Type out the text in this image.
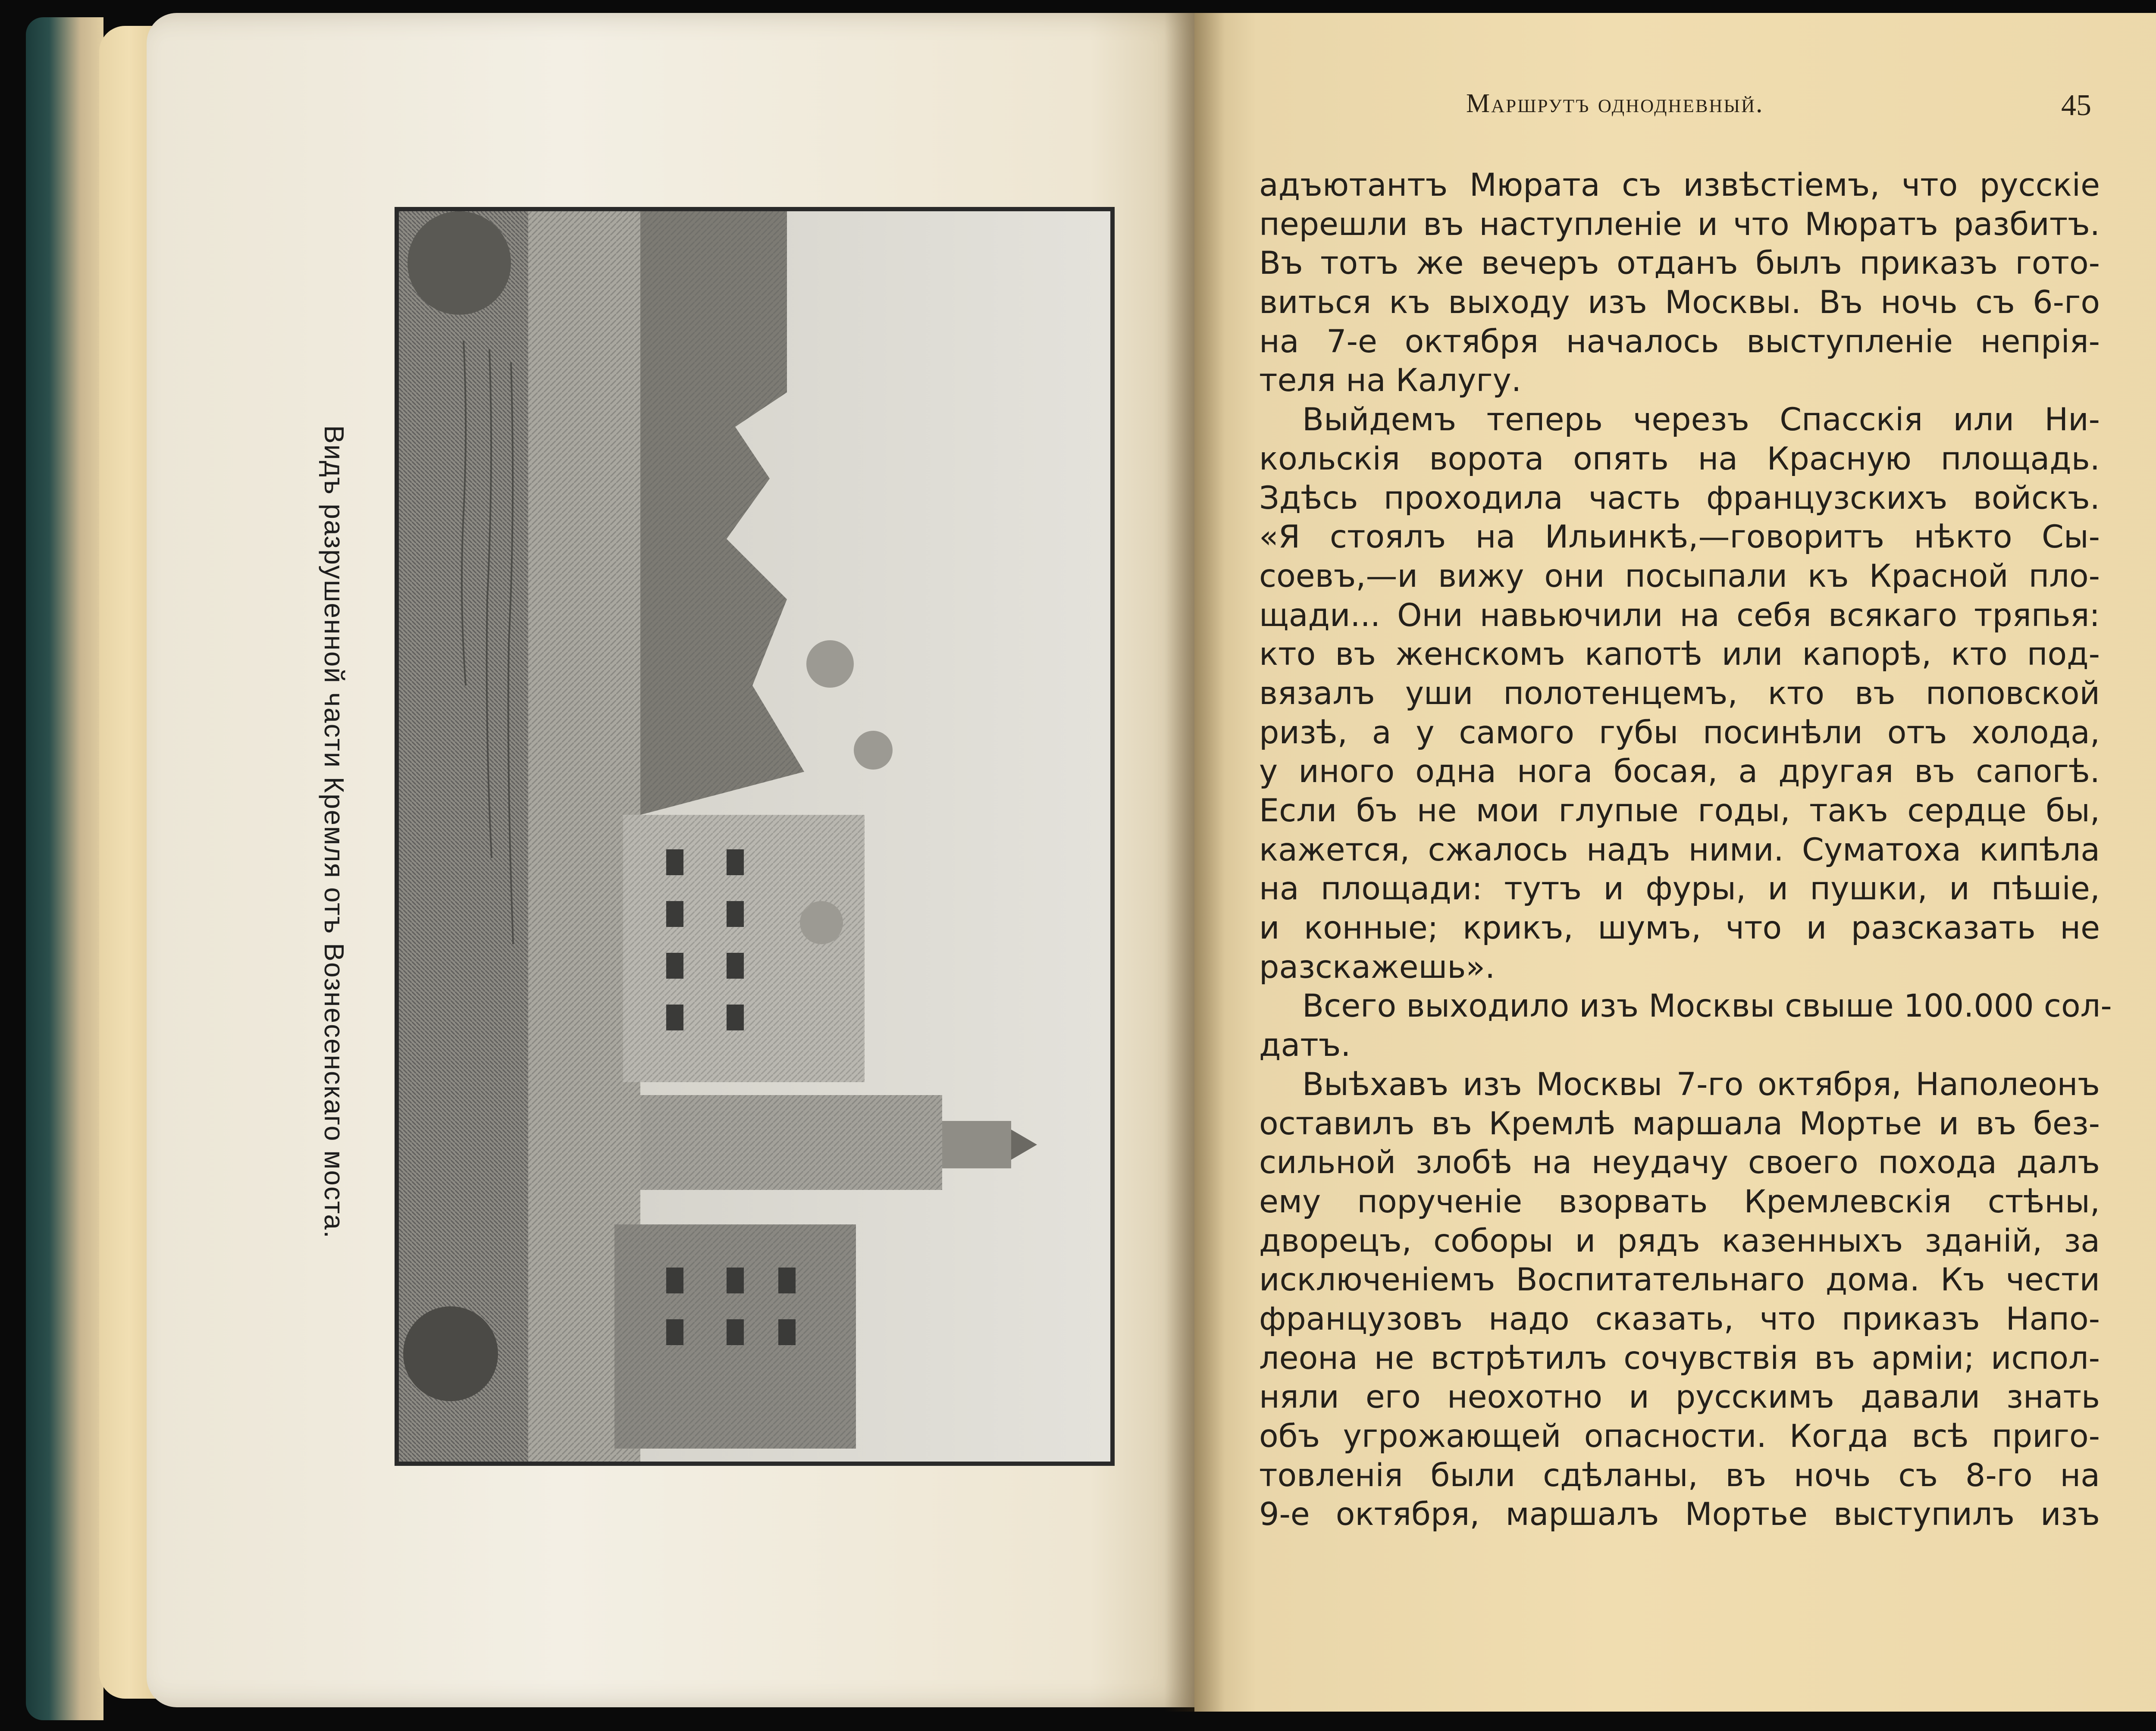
Видъ разрушенной части Кремля отъ Вознесенскаго моста.
Маршрутъ однодневный.	45
адъютантъ Мюрата съ извѣстіемъ, что русскіе
перешли въ наступленіе и что Мюратъ разбитъ.
Въ тотъ же вечеръ отданъ былъ приказъ гото-
виться къ выходу изъ Москвы. Въ ночь съ 6-го
на 7-е октября началось выступленіе непрія-
теля на Калугу.
Выйдемъ теперь черезъ Спасскія или Ни-
кольскія ворота опять на Красную площадь.
Здѣсь проходила часть французскихъ войскъ.
«Я стоялъ на Ильинкѣ,—говоритъ нѣкто Сы-
соевъ,—и вижу они посыпали къ Красной пло-
щади... Они навьючили на себя всякаго тряпья:
кто въ женскомъ капотѣ или капорѣ, кто под-
вязалъ уши полотенцемъ, кто въ поповской
ризѣ, а у самого губы посинѣли отъ холода,
у иного одна нога босая, а другая въ сапогѣ.
Если бъ не мои глупые годы, такъ сердце бы,
кажется, сжалось надъ ними. Суматоха кипѣла
на площади: тутъ и фуры, и пушки, и пѣшіе,
и конные; крикъ, шумъ, что и разсказать не
разскажешь».
Всего выходило изъ Москвы свыше 100.000 сол-
датъ.
Выѣхавъ изъ Москвы 7-го октября, Наполеонъ
оставилъ въ Кремлѣ маршала Мортье и въ без-
сильной злобѣ на неудачу своего похода далъ
ему порученіе взорвать Кремлевскія стѣны,
дворецъ, соборы и рядъ казенныхъ зданій, за
исключеніемъ Воспитательнаго дома. Къ чести
французовъ надо сказать, что приказъ Напо-
леона не встрѣтилъ сочувствія въ арміи; испол-
няли его неохотно и русскимъ давали знать
объ угрожающей опасности. Когда всѣ приго-
товленія были сдѣланы, въ ночь съ 8-го на
9-е октября, маршалъ Мортье выступилъ изъ
